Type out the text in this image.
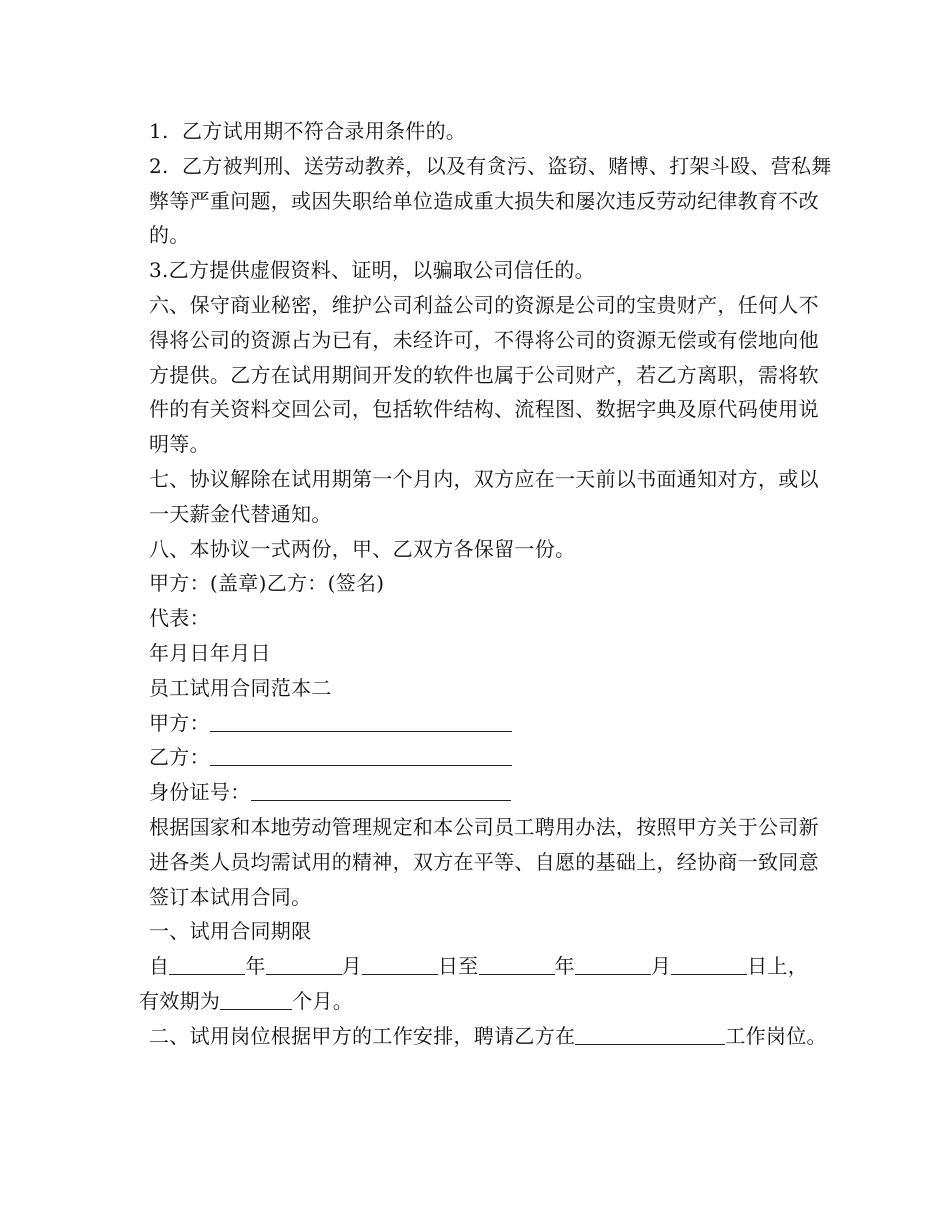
1.  乙方试用期不符合录用条件的。

2.  乙方被判刑、送劳动教养，以及有贪污、盗窃、赌博、打架斗殴、营私舞弊等严重问题，或因失职给单位造成重大损失和屡次违反劳动纪律教育不改的。

3.乙方提供虚假资料、证明，以骗取公司信任的。

六、保守商业秘密，维护公司利益公司的资源是公司的宝贵财产，任何人不得将公司的资源占为已有，未经许可，不得将公司的资源无偿或有偿地向他方提供。乙方在试用期间开发的软件也属于公司财产，若乙方离职，需将软件的有关资料交回公司，包括软件结构、流程图、数据字典及原代码使用说明等。

七、协议解除在试用期第一个月内，双方应在一天前以书面通知对方，或以一天薪金代替通知。

八、本协议一式两份，甲、乙双方各保留一份。

甲方：(盖章)乙方：(签名)

代表：

年月日年月日

员工试用合同范本二

甲方：

乙方：

身份证号：

根据国家和本地劳动管理规定和本公司员工聘用办法，按照甲方关于公司新进各类人员均需试用的精神，双方在平等、自愿的基础上，经协商一致同意签订本试用合同。

一、试用合同期限

自	年	月	日至	年	月	日上，

有效期为	个月。

二、试用岗位根据甲方的工作安排，聘请乙方在	工作岗位。
